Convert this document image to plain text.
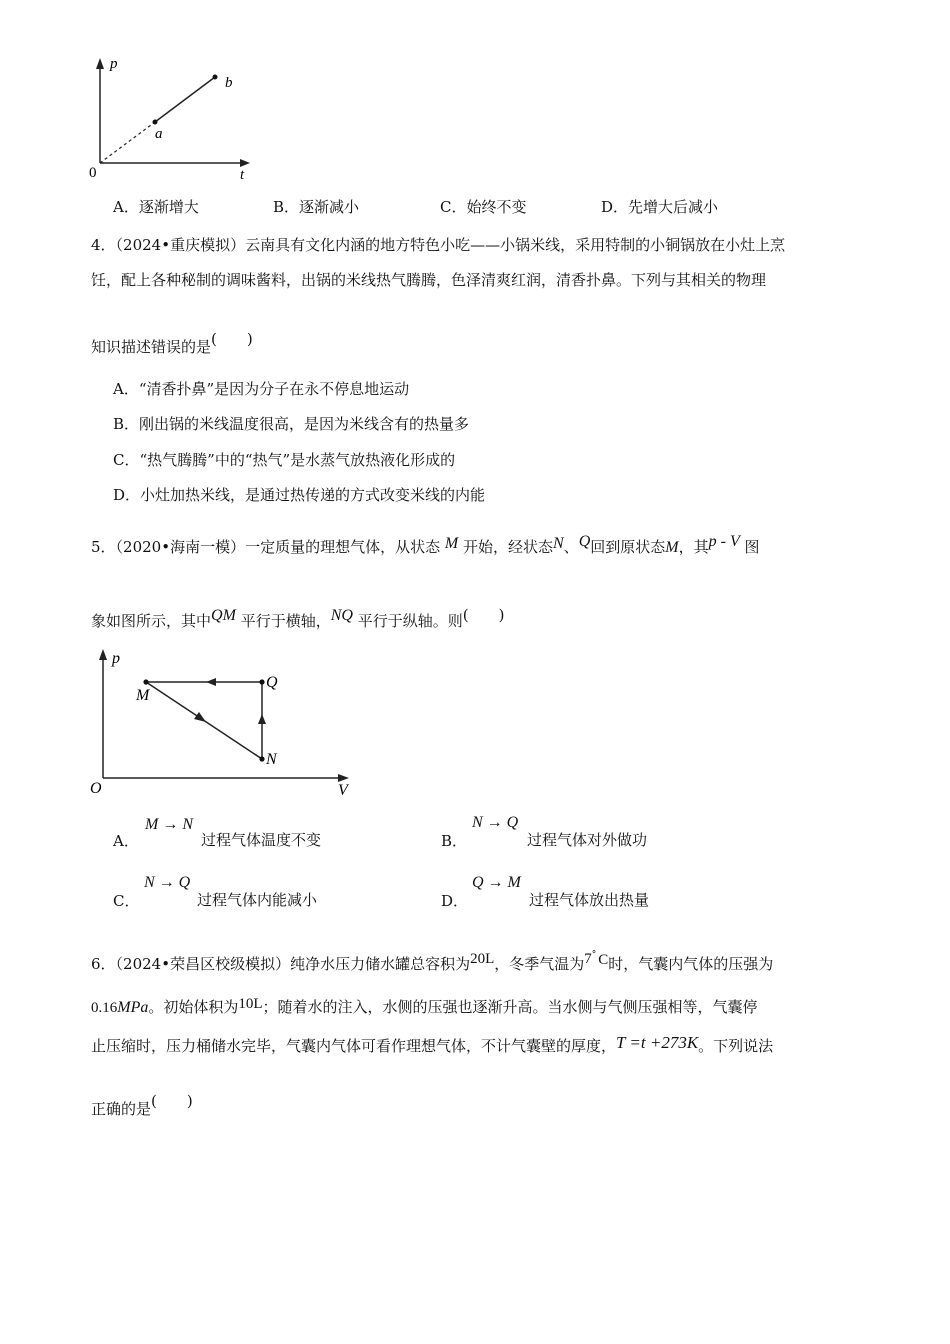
p
b
a
0	t
A．逐渐增大	B．逐渐减小	C．始终不变	D．先增大后减小
4．（2024•重庆模拟）云南具有文化内涵的地方特色小吃——小锅米线，采用特制的小铜锅放在小灶上烹
饪，配上各种秘制的调味酱料，出锅的米线热气腾腾，色泽清爽红润，清香扑鼻。下列与其相关的物理
知识描述错误的是(　　)
A．“清香扑鼻”是因为分子在永不停息地运动
B．刚出锅的米线温度很高，是因为米线含有的热量多
C．“热气腾腾”中的“热气”是水蒸气放热液化形成的
D．小灶加热米线，是通过热传递的方式改变米线的内能
5．（2020•海南一模）一定质量的理想气体，从状态 M 开始，经状态N、Q回到原状态M，其p - V 图
象如图所示，其中QM 平行于横轴，NQ 平行于纵轴。则(　　)
p
M
Q
N
O	V
A．
M → N
过程气体温度不变	B．
N → Q
过程气体对外做功
C．
N → Q
过程气体内能减小	D．
Q → M
过程气体放出热量
6．（2024•荣昌区校级模拟）纯净水压力储水罐总容积为20L，冬季气温为7° C时，气囊内气体的压强为
0.16MPa。初始体积为10L；随着水的注入，水侧的压强也逐渐升高。当水侧与气侧压强相等，气囊停
止压缩时，压力桶储水完毕，气囊内气体可看作理想气体，不计气囊壁的厚度，T =t +273K。下列说法
正确的是(　　)
